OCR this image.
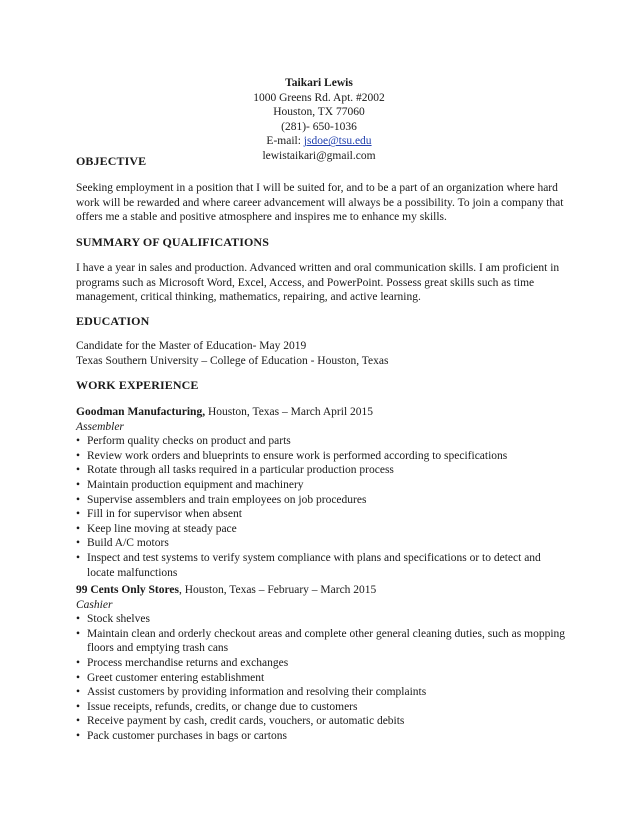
Taikari Lewis
1000 Greens Rd. Apt. #2002
Houston, TX 77060
(281)- 650-1036
E-mail: jsdoe@tsu.edu
lewistaikari@gmail.com
OBJECTIVE
Seeking employment in a position that I will be suited for, and to be a part of an organization where hard
work will be rewarded and where career advancement will always be a possibility. To join a company that
offers me a stable and positive atmosphere and inspires me to enhance my skills.
SUMMARY OF QUALIFICATIONS
I have a year in sales and production. Advanced written and oral communication skills. I am proficient in
programs such as Microsoft Word, Excel, Access, and PowerPoint. Possess great skills such as time
management, critical thinking, mathematics, repairing, and active learning.
EDUCATION
Candidate for the Master of Education- May 2019
Texas Southern University – College of Education - Houston, Texas
WORK EXPERIENCE
Goodman Manufacturing, Houston, Texas – March April 2015
Assembler
• Perform quality checks on product and parts
• Review work orders and blueprints to ensure work is performed according to specifications
• Rotate through all tasks required in a particular production process
• Maintain production equipment and machinery
• Supervise assemblers and train employees on job procedures
• Fill in for supervisor when absent
• Keep line moving at steady pace
• Build A/C motors
• Inspect and test systems to verify system compliance with plans and specifications or to detect and
locate malfunctions
99 Cents Only Stores, Houston, Texas – February – March 2015
Cashier
• Stock shelves
• Maintain clean and orderly checkout areas and complete other general cleaning duties, such as mopping
floors and emptying trash cans
• Process merchandise returns and exchanges
• Greet customer entering establishment
• Assist customers by providing information and resolving their complaints
• Issue receipts, refunds, credits, or change due to customers
• Receive payment by cash, credit cards, vouchers, or automatic debits
• Pack customer purchases in bags or cartons
